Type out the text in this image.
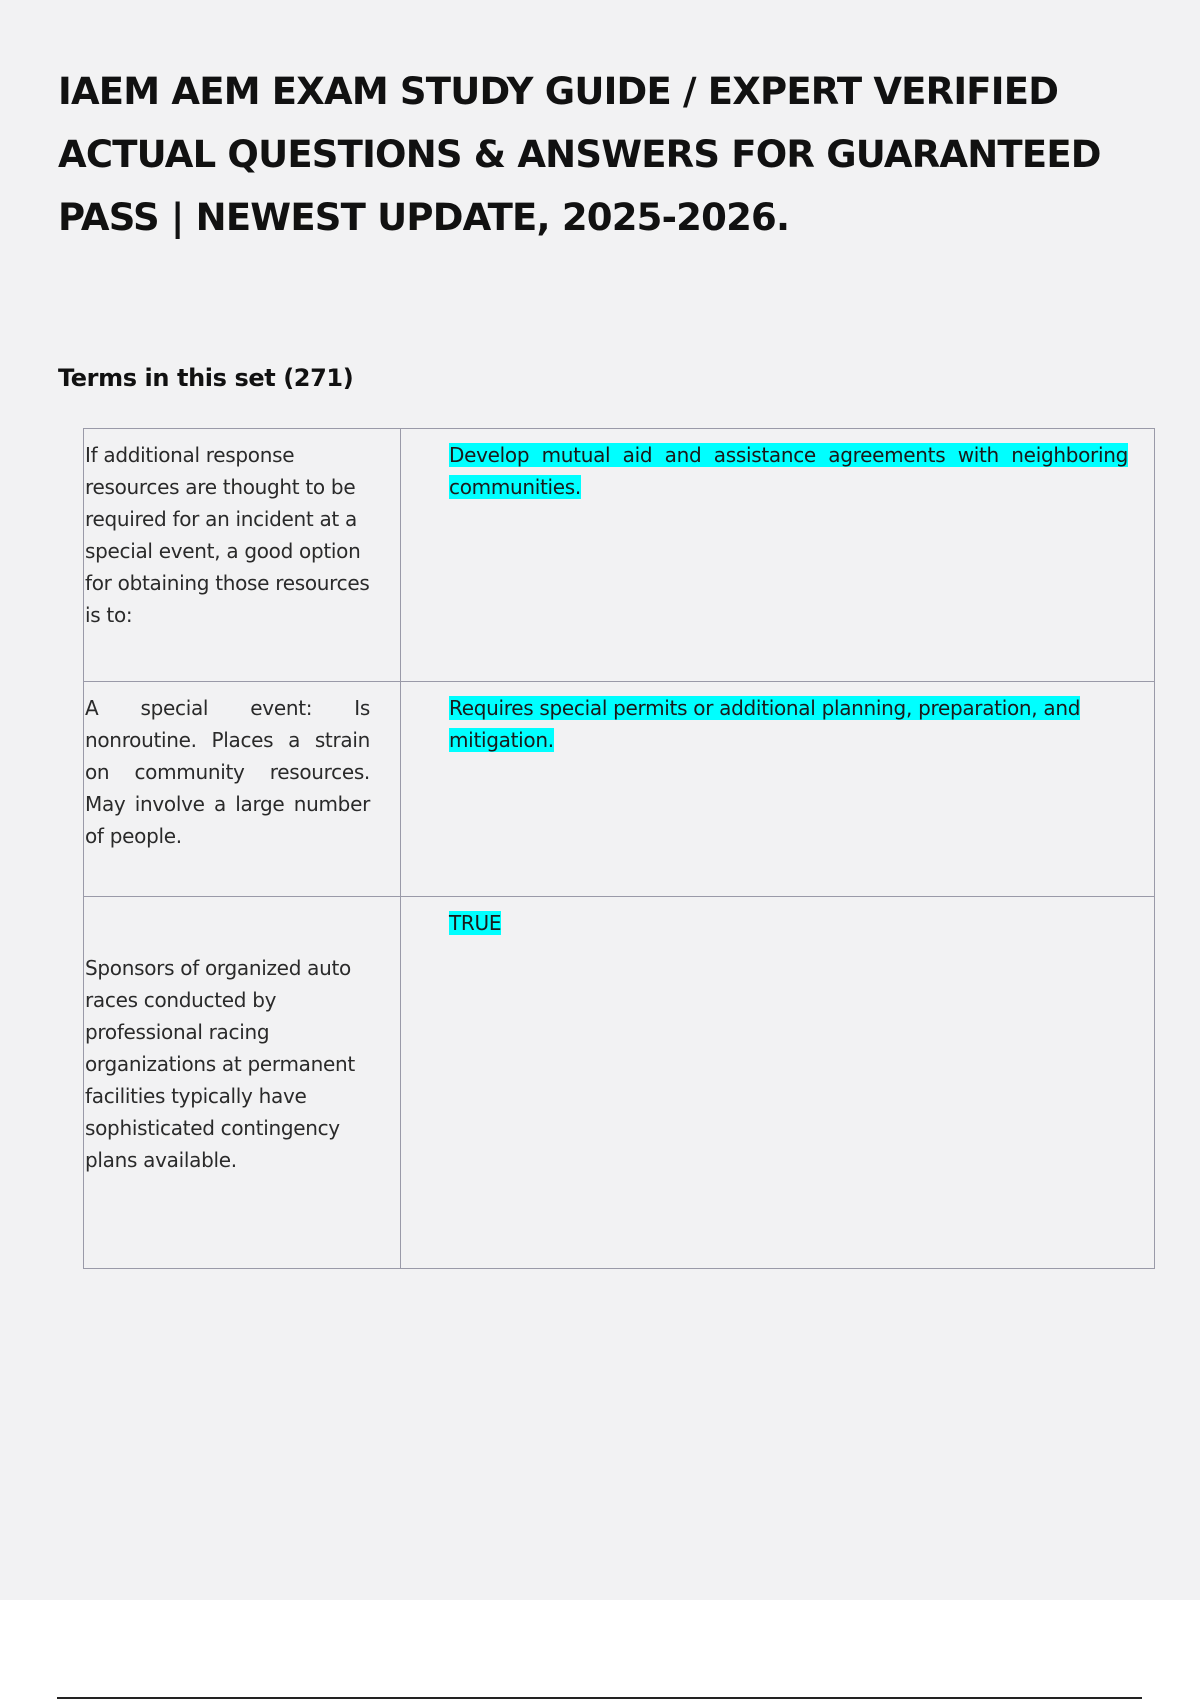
IAEM AEM EXAM STUDY GUIDE / EXPERT VERIFIED ACTUAL QUESTIONS & ANSWERS FOR GUARANTEED PASS | NEWEST UPDATE, 2025-2026.
Terms in this set (271)
If additional response resources are thought to be required for an incident at a special event, a good option for obtaining those resources is to:	Develop mutual aid and assistance agreements with neighboring communities.
A special event: Is nonroutine. Places a strain on community resources. May involve a large number of people.	Requires special permits or additional planning, preparation, and mitigation.
Sponsors of organized auto races conducted by professional racing organizations at permanent facilities typically have sophisticated contingency plans available.	TRUE
